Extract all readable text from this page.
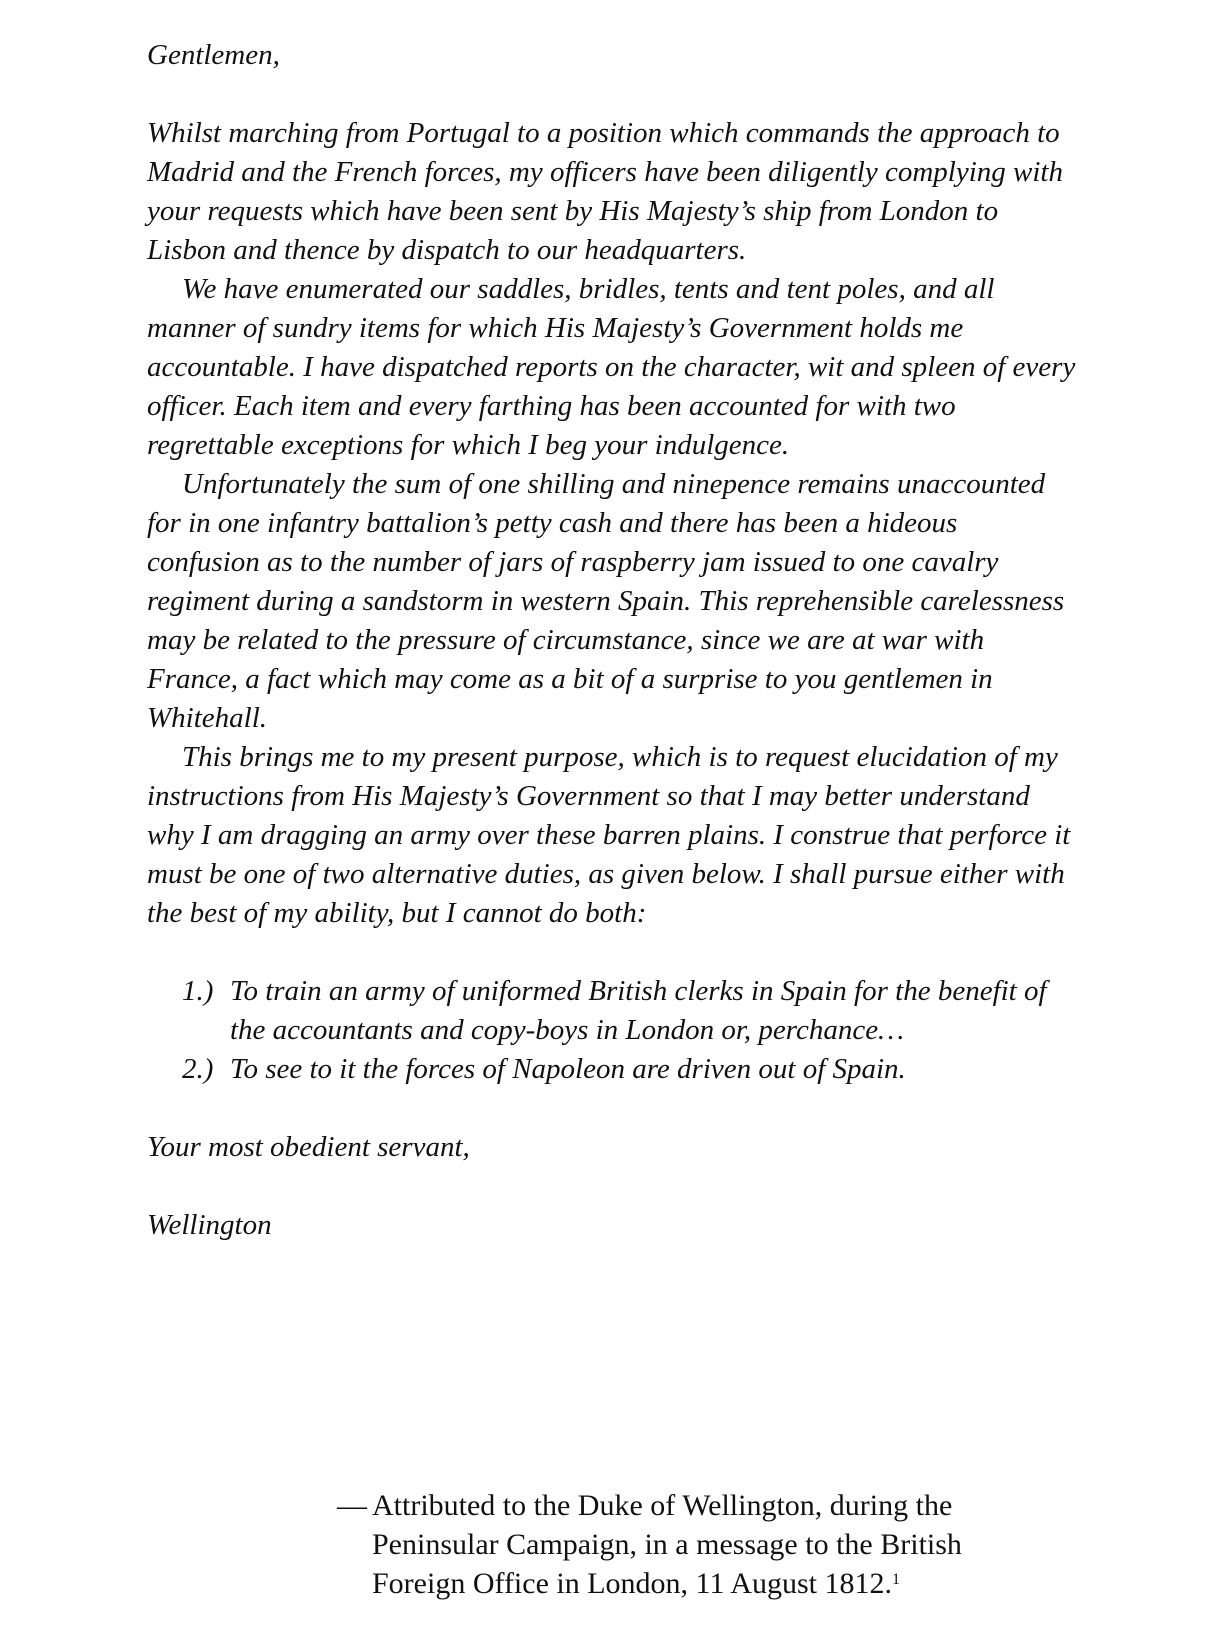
Gentlemen,

Whilst marching from Portugal to a position which commands the approach to Madrid and the French forces, my officers have been diligently complying with your requests which have been sent by His Majesty’s ship from London to Lisbon and thence by dispatch to our headquarters.

We have enumerated our saddles, bridles, tents and tent poles, and all manner of sundry items for which His Majesty’s Government holds me accountable. I have dispatched reports on the character, wit and spleen of every officer. Each item and every farthing has been accounted for with two regrettable exceptions for which I beg your indulgence.

Unfortunately the sum of one shilling and ninepence remains unaccounted for in one infantry battalion’s petty cash and there has been a hideous confusion as to the number of jars of raspberry jam issued to one cavalry regiment during a sandstorm in western Spain. This reprehensible carelessness may be related to the pressure of circumstance, since we are at war with France, a fact which may come as a bit of a surprise to you gentlemen in Whitehall.

This brings me to my present purpose, which is to request elucidation of my instructions from His Majesty’s Government so that I may better understand why I am dragging an army over these barren plains. I construe that perforce it must be one of two alternative duties, as given below. I shall pursue either with the best of my ability, but I cannot do both:

1.) To train an army of uniformed British clerks in Spain for the benefit of the accountants and copy-boys in London or, perchance…
2.) To see to it the forces of Napoleon are driven out of Spain.

Your most obedient servant,

Wellington

— Attributed to the Duke of Wellington, during the Peninsular Campaign, in a message to the British Foreign Office in London, 11 August 1812.$^1$
